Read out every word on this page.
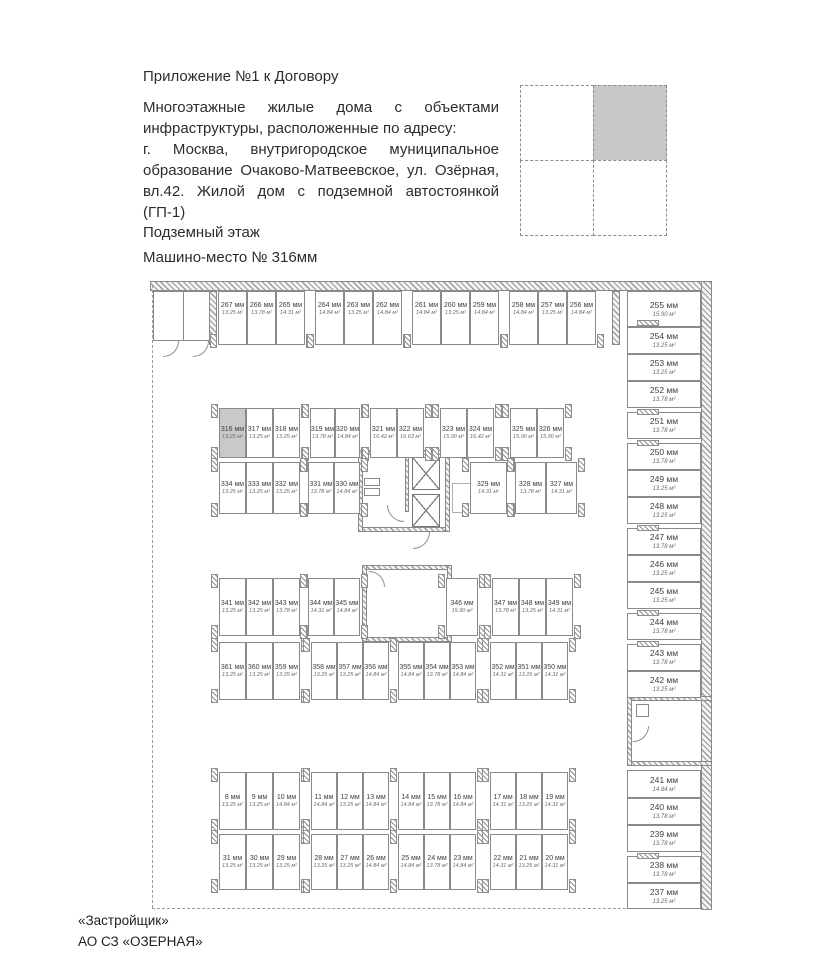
Приложение №1 к Договору

Многоэтажные жилые дома с объектами инфраструктуры, расположенные по адресу:

г. Москва, внутригородское муниципальное образование Очаково-Матвеевское, ул. Озёрная, вл.42. Жилой дом с подземной автостоянкой (ГП-1)

Подземный этаж
Машино-место № 316мм
267 мм
13.25 м²
266 мм
13.78 м²
265 мм
14.31 м²
264 мм
14.84 м²
263 мм
13.25 м²
262 мм
14.84 м²
261 мм
14.84 м²
260 мм
13.25 м²
259 мм
14.84 м²
258 мм
14.84 м²
257 мм
13.25 м²
256 мм
14.84 м²
316 мм
13.25 м²
317 мм
13.25 м²
318 мм
13.25 м²
319 мм
13.78 м²
320 мм
14.84 м²
321 мм
16.42 м²
322 мм
16.63 м²
323 мм
15.90 м²
324 мм
16.42 м²
325 мм
15.90 м²
326 мм
15.90 м²
334 мм
13.25 м²
333 мм
13.25 м²
332 мм
13.25 м²
331 мм
13.78 м²
330 мм
14.84 м²
329 мм
14.31 м²
328 мм
13.78 м²
327 мм
14.31 м²
341 мм
13.25 м²
342 мм
13.25 м²
343 мм
13.78 м²
344 мм
14.31 м²
345 мм
14.84 м²
346 мм
15.90 м²
347 мм
13.78 м²
348 мм
13.25 м²
349 мм
14.31 м²
361 мм
13.25 м²
360 мм
13.25 м²
359 мм
13.25 м²
358 мм
13.25 м²
357 мм
13.25 м²
356 мм
14.84 м²
355 мм
14.84 м²
354 мм
13.78 м²
353 мм
14.84 м²
352 мм
14.31 м²
351 мм
13.25 м²
350 мм
14.31 м²
8 мм
13.25 м²
9 мм
13.25 м²
10 мм
14.84 м²
11 мм
14.84 м²
12 мм
13.25 м²
13 мм
14.84 м²
14 мм
14.84 м²
15 мм
13.78 м²
16 мм
14.84 м²
17 мм
14.31 м²
18 мм
13.25 м²
19 мм
14.31 м²
31 мм
13.25 м²
30 мм
13.25 м²
29 мм
13.25 м²
28 мм
13.25 м²
27 мм
13.25 м²
26 мм
14.84 м²
25 мм
14.84 м²
24 мм
13.78 м²
23 мм
14.84 м²
22 мм
14.31 м²
21 мм
13.25 м²
20 мм
14.31 м²
255 мм
15.90 м²
254 мм
13.25 м²
253 мм
13.25 м²
252 мм
13.78 м²
251 мм
13.78 м²
250 мм
13.78 м²
249 мм
13.25 м²
248 мм
13.25 м²
247 мм
13.78 м²
246 мм
13.25 м²
245 мм
13.25 м²
244 мм
13.78 м²
243 мм
13.78 м²
242 мм
13.25 м²
241 мм
14.84 м²
240 мм
13.78 м²
239 мм
13.78 м²
238 мм
13.78 м²
237 мм
13.25 м²
«Застройщик»
АО СЗ «ОЗЕРНАЯ»
